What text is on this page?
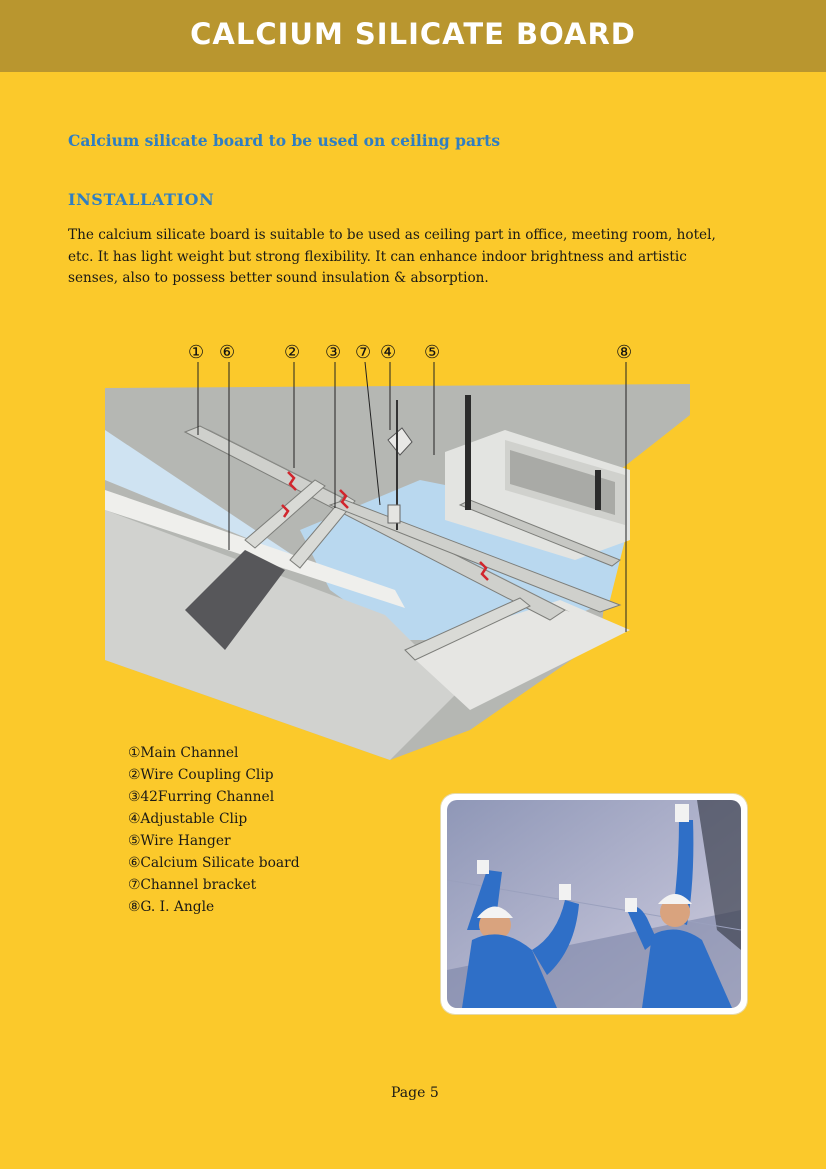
CALCIUM SILICATE BOARD
Calcium silicate board to be used on ceiling parts
INSTALLATION
The calcium silicate board is suitable to be used as ceiling part in office, meeting room, hotel,
etc. It has light weight but strong flexibility. It can enhance indoor brightness and artistic
senses, also to possess better sound insulation & absorption.
① ⑥	② ③ ⑦ ④ ⑤	⑧
①Main Channel
②Wire Coupling Clip
③42Furring Channel
④Adjustable Clip
⑤Wire Hanger
⑥Calcium Silicate board
⑦Channel bracket
⑧G. I. Angle
Page 5
